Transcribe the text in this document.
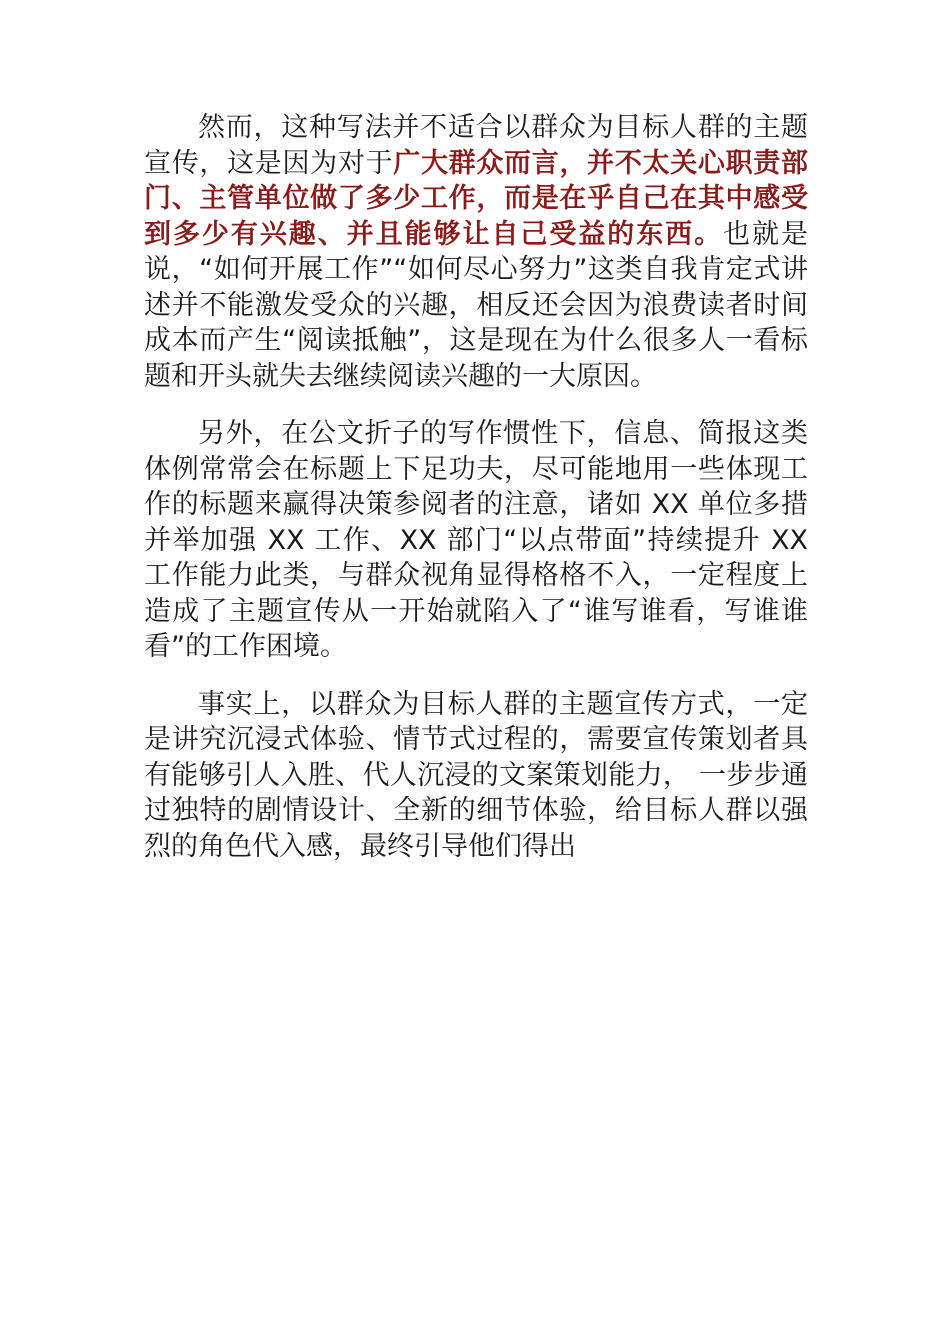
然而，这种写法并不适合以群众为目标人群的主题宣传，这是因为对于广大群众而言，并不太关心职责部门、主管单位做了多少工作，而是在乎自己在其中感受到多少有兴趣、并且能够让自己受益的东西。也就是说，“如何开展工作”“如何尽心努力”这类自我肯定式讲述并不能激发受众的兴趣，相反还会因为浪费读者时间成本而产生“阅读抵触”，这是现在为什么很多人一看标题和开头就失去继续阅读兴趣的一大原因。

另外，在公文折子的写作惯性下，信息、简报这类体例常常会在标题上下足功夫，尽可能地用一些体现工作的标题来赢得决策参阅者的注意，诸如 XX 单位多措并举加强 XX 工作、XX 部门“以点带面”持续提升 XX 工作能力此类，与群众视角显得格格不入，一定程度上造成了主题宣传从一开始就陷入了“谁写谁看，写谁谁看”的工作困境。

事实上，以群众为目标人群的主题宣传方式，一定是讲究沉浸式体验、情节式过程的，需要宣传策划者具有能够引人入胜、代人沉浸的文案策划能力， 一步步通过独特的剧情设计、全新的细节体验，给目标人群以强烈的角色代入感，最终引导他们得出
